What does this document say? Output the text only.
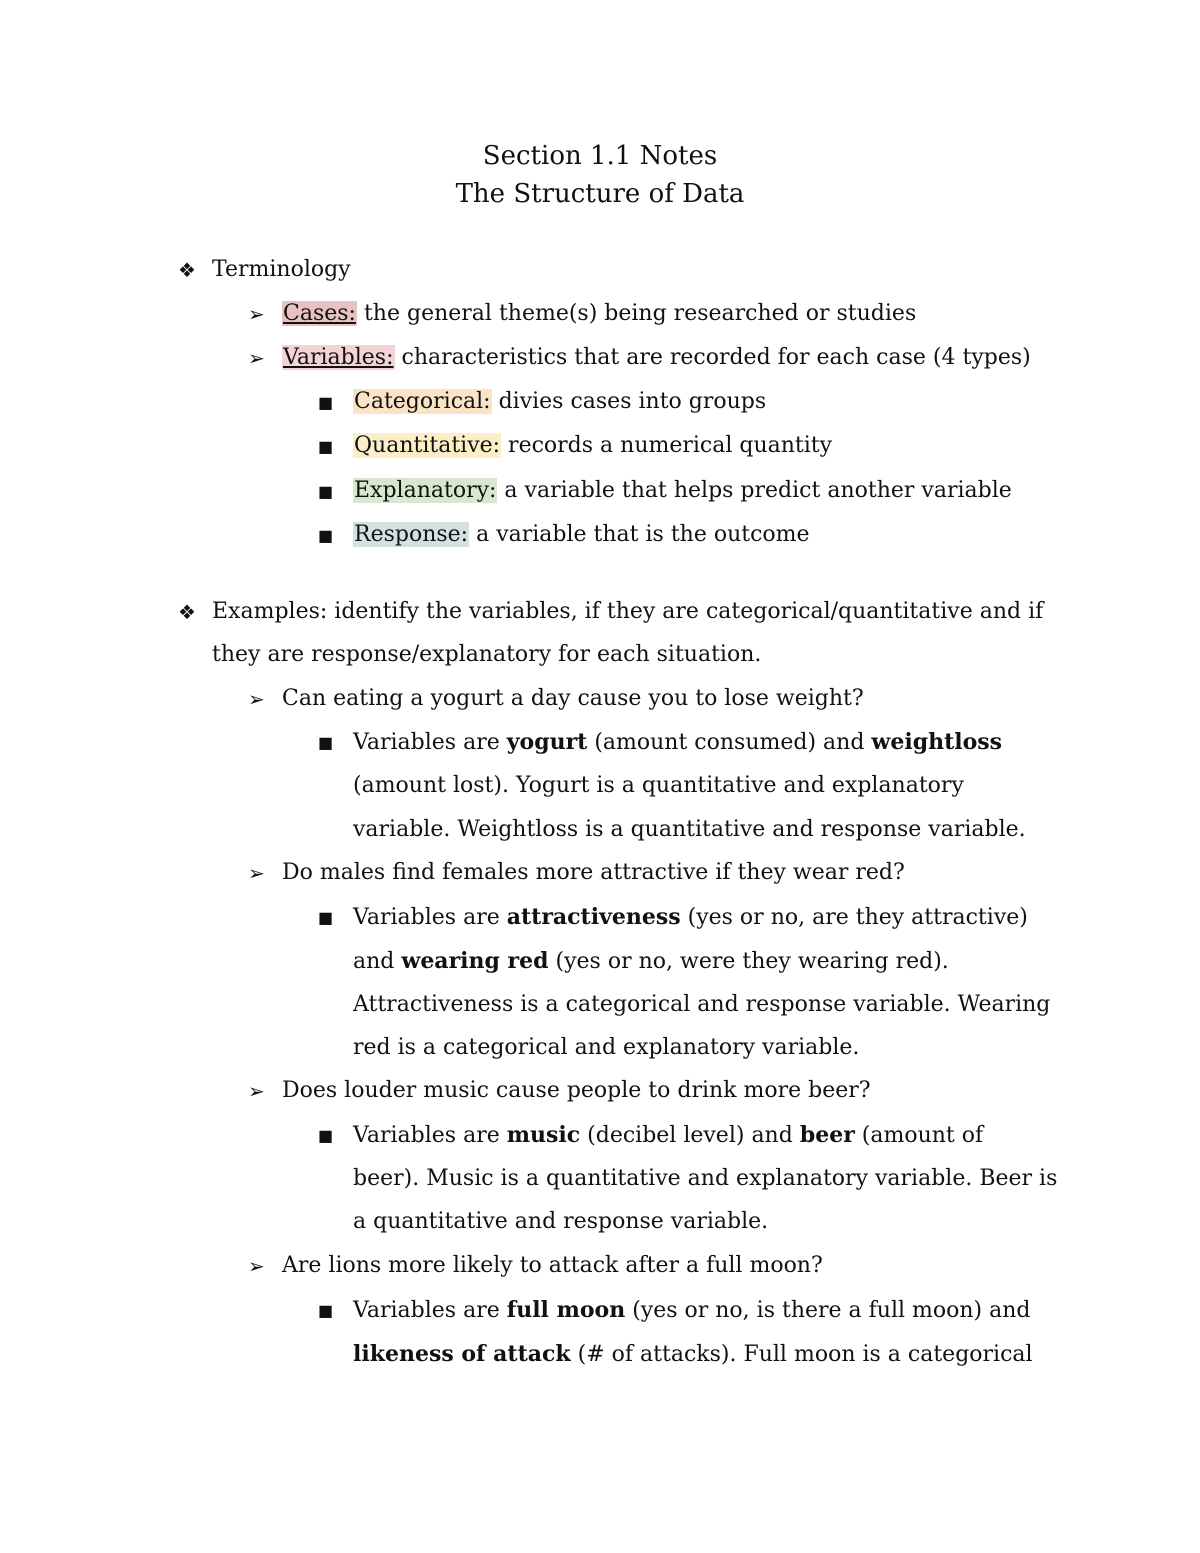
Section 1.1 Notes
The Structure of Data
❖ Terminology
➢ Cases: the general theme(s) being researched or studies
➢ Variables: characteristics that are recorded for each case (4 types)
■ Categorical: divies cases into groups
■ Quantitative: records a numerical quantity
■ Explanatory: a variable that helps predict another variable
■ Response: a variable that is the outcome
❖ Examples: identify the variables, if they are categorical/quantitative and if
they are response/explanatory for each situation.
➢ Can eating a yogurt a day cause you to lose weight?
■ Variables are yogurt (amount consumed) and weightloss
(amount lost). Yogurt is a quantitative and explanatory
variable. Weightloss is a quantitative and response variable.
➢ Do males find females more attractive if they wear red?
■ Variables are attractiveness (yes or no, are they attractive)
and wearing red (yes or no, were they wearing red).
Attractiveness is a categorical and response variable. Wearing
red is a categorical and explanatory variable.
➢ Does louder music cause people to drink more beer?
■ Variables are music (decibel level) and beer (amount of
beer). Music is a quantitative and explanatory variable. Beer is
a quantitative and response variable.
➢ Are lions more likely to attack after a full moon?
■ Variables are full moon (yes or no, is there a full moon) and
likeness of attack (# of attacks). Full moon is a categorical
